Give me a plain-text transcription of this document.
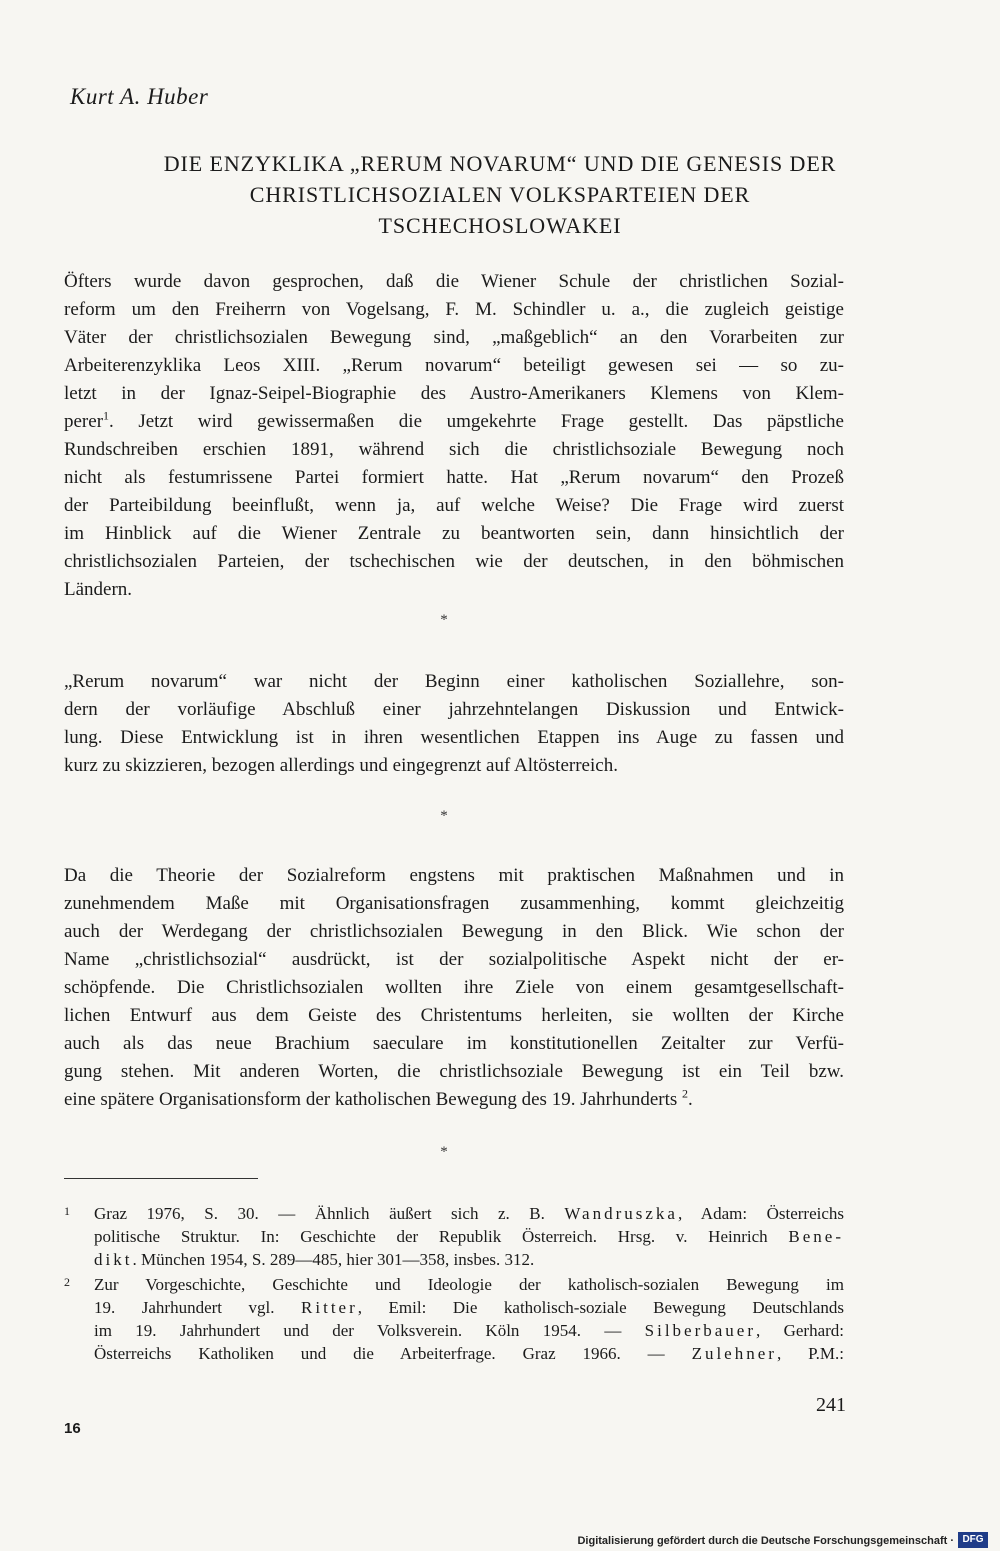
Kurt A. Huber
DIE ENZYKLIKA „RERUM NOVARUM“ UND DIE GENESIS DER
CHRISTLICHSOZIALEN VOLKSPARTEIEN DER
TSCHECHOSLOWAKEI
Öfters wurde davon gesprochen, daß die Wiener Schule der christlichen Sozial-
reform um den Freiherrn von Vogelsang, F. M. Schindler u. a., die zugleich geistige
Väter der christlichsozialen Bewegung sind, „maßgeblich“ an den Vorarbeiten zur
Arbeiterenzyklika Leos XIII. „Rerum novarum“ beteiligt gewesen sei — so zu-
letzt in der Ignaz-Seipel-Biographie des Austro-Amerikaners Klemens von Klem-
perer$^1$. Jetzt wird gewissermaßen die umgekehrte Frage gestellt. Das päpstliche
Rundschreiben erschien 1891, während sich die christlichsoziale Bewegung noch
nicht als festumrissene Partei formiert hatte. Hat „Rerum novarum“ den Prozeß
der Parteibildung beeinflußt, wenn ja, auf welche Weise? Die Frage wird zuerst
im Hinblick auf die Wiener Zentrale zu beantworten sein, dann hinsichtlich der
christlichsozialen Parteien, der tschechischen wie der deutschen, in den böhmischen
Ländern.
*
„Rerum novarum“ war nicht der Beginn einer katholischen Soziallehre, son-
dern der vorläufige Abschluß einer jahrzehntelangen Diskussion und Entwick-
lung. Diese Entwicklung ist in ihren wesentlichen Etappen ins Auge zu fassen und
kurz zu skizzieren, bezogen allerdings und eingegrenzt auf Altösterreich.
*
Da die Theorie der Sozialreform engstens mit praktischen Maßnahmen und in
zunehmendem Maße mit Organisationsfragen zusammenhing, kommt gleichzeitig
auch der Werdegang der christlichsozialen Bewegung in den Blick. Wie schon der
Name „christlichsozial“ ausdrückt, ist der sozialpolitische Aspekt nicht der er-
schöpfende. Die Christlichsozialen wollten ihre Ziele von einem gesamtgesellschaft-
lichen Entwurf aus dem Geiste des Christentums herleiten, sie wollten der Kirche
auch als das neue Brachium saeculare im konstitutionellen Zeitalter zur Verfü-
gung stehen. Mit anderen Worten, die christlichsoziale Bewegung ist ein Teil bzw.
eine spätere Organisationsform der katholischen Bewegung des 19. Jahrhunderts $^2$.
*
1 Graz 1976, S. 30. — Ähnlich äußert sich z. B. Wandruszka, Adam: Österreichs
politische Struktur. In: Geschichte der Republik Österreich. Hrsg. v. Heinrich Bene-
dikt. München 1954, S. 289—485, hier 301—358, insbes. 312.
2 Zur Vorgeschichte, Geschichte und Ideologie der katholisch-sozialen Bewegung im
19. Jahrhundert vgl. Ritter, Emil: Die katholisch-soziale Bewegung Deutschlands
im 19. Jahrhundert und der Volksverein. Köln 1954. — Silberbauer, Gerhard:
Österreichs Katholiken und die Arbeiterfrage. Graz 1966. — Zulehner, P.M.:
241
16
Digitalisierung gefördert durch die Deutsche Forschungsgemeinschaft · DFG
